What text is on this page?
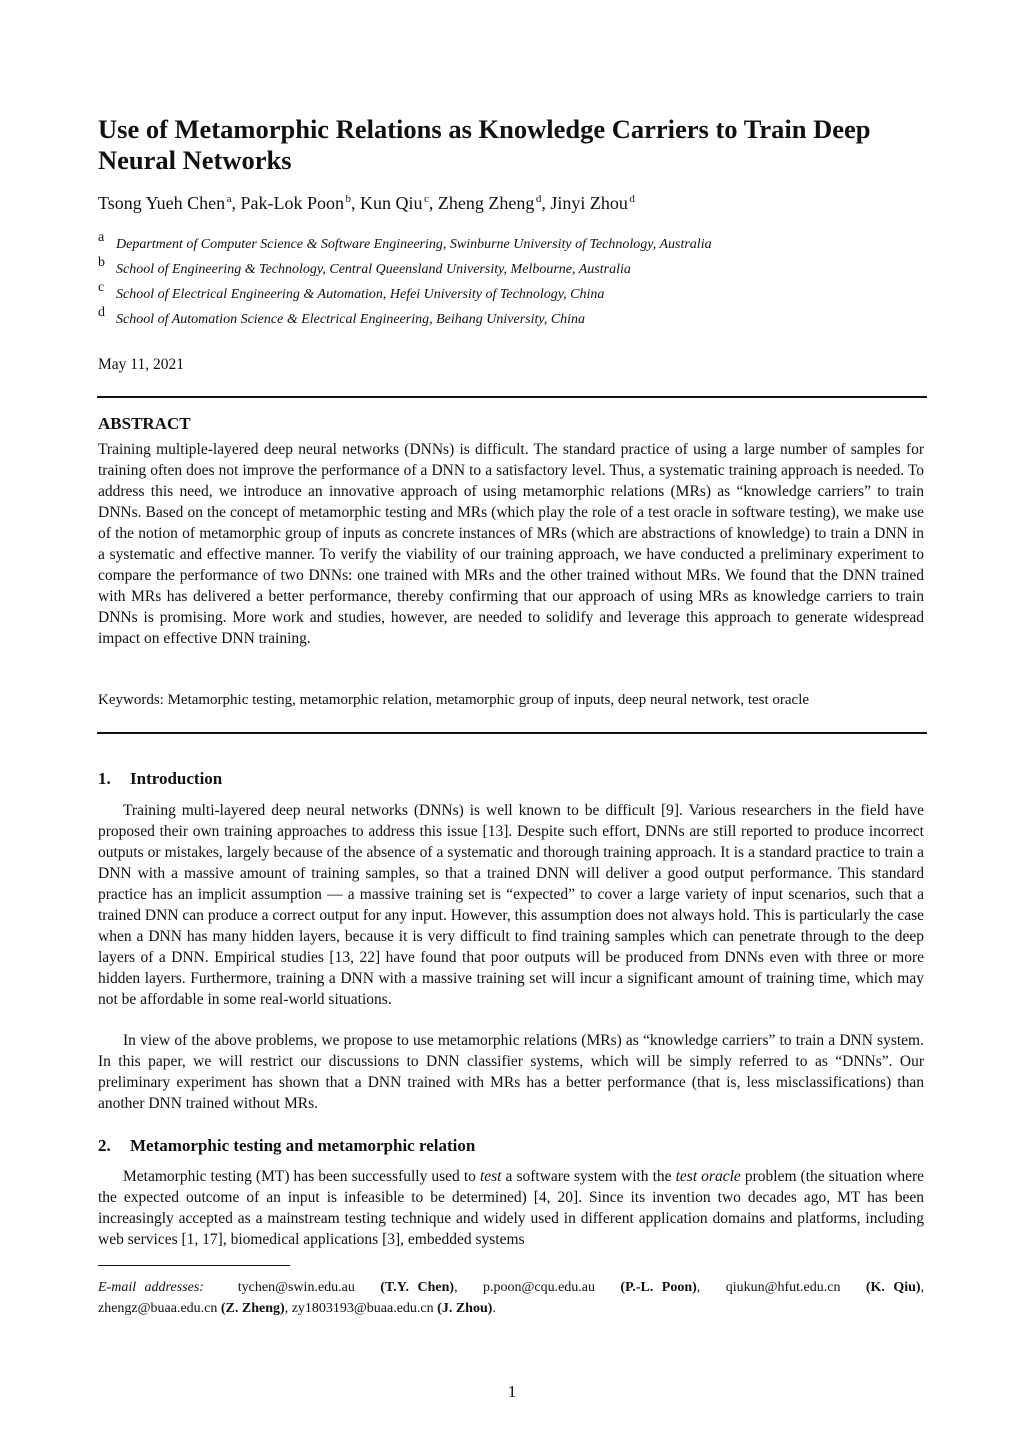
Use of Metamorphic Relations as Knowledge Carriers to Train Deep Neural Networks
Tsong Yueh Chen  $^a$, Pak-Lok Poon  $^b$, Kun Qiu  $^c$, Zheng Zheng  $^d$, Jinyi Zhou  $^d$
a Department of Computer Science & Software Engineering, Swinburne University of Technology, Australia
b School of Engineering & Technology, Central Queensland University, Melbourne, Australia
c School of Electrical Engineering & Automation, Hefei University of Technology, China
d School of Automation Science & Electrical Engineering, Beihang University, China
May 11, 2021
ABSTRACT
Training multiple-layered deep neural networks (DNNs) is difficult. The standard practice of using a large number of samples for training often does not improve the performance of a DNN to a satisfactory level. Thus, a systematic training approach is needed. To address this need, we introduce an innovative approach of using metamorphic relations (MRs) as “knowledge carriers” to train DNNs. Based on the concept of metamorphic testing and MRs (which play the role of a test oracle in software testing), we make use of the notion of metamorphic group of inputs as concrete instances of MRs (which are abstractions of knowledge) to train a DNN in a systematic and effective manner. To verify the viability of our training approach, we have conducted a preliminary experiment to compare the performance of two DNNs: one trained with MRs and the other trained without MRs. We found that the DNN trained with MRs has delivered a better performance, thereby confirming that our approach of using MRs as knowledge carriers to train DNNs is promising. More work and studies, however, are needed to solidify and leverage this approach to generate widespread impact on effective DNN training.
Keywords: Metamorphic testing, metamorphic relation, metamorphic group of inputs, deep neural network, test oracle
1. Introduction
Training multi-layered deep neural networks (DNNs) is well known to be difficult [9]. Various researchers in the field have proposed their own training approaches to address this issue [13]. Despite such effort, DNNs are still reported to produce incorrect outputs or mistakes, largely because of the absence of a systematic and thorough training approach. It is a standard practice to train a DNN with a massive amount of training samples, so that a trained DNN will deliver a good output performance. This standard practice has an implicit assumption — a massive training set is “expected” to cover a large variety of input scenarios, such that a trained DNN can produce a correct output for any input. However, this assumption does not always hold. This is particularly the case when a DNN has many hidden layers, because it is very difficult to find training samples which can penetrate through to the deep layers of a DNN. Empirical studies [13, 22] have found that poor outputs will be produced from DNNs even with three or more hidden layers. Furthermore, training a DNN with a massive training set will incur a significant amount of training time, which may not be affordable in some real-world situations.
In view of the above problems, we propose to use metamorphic relations (MRs) as “knowledge carriers” to train a DNN system. In this paper, we will restrict our discussions to DNN classifier systems, which will be simply referred to as “DNNs”. Our preliminary experiment has shown that a DNN trained with MRs has a better performance (that is, less misclassifications) than another DNN trained without MRs.
2. Metamorphic testing and metamorphic relation
Metamorphic testing (MT) has been successfully used to test a software system with the test oracle problem (the situation where the expected outcome of an input is infeasible to be determined) [4, 20]. Since its invention two decades ago, MT has been increasingly accepted as a mainstream testing technique and widely used in different application domains and platforms, including web services [1, 17], biomedical applications [3], embedded systems
E-mail addresses: tychen@swin.edu.au (T.Y. Chen),   p.poon@cqu.edu.au (P.-L. Poon),   qiukun@hfut.edu.cn (K. Qiu), zhengz@buaa.edu.cn (Z. Zheng), zy1803193@buaa.edu.cn (J. Zhou).
1
